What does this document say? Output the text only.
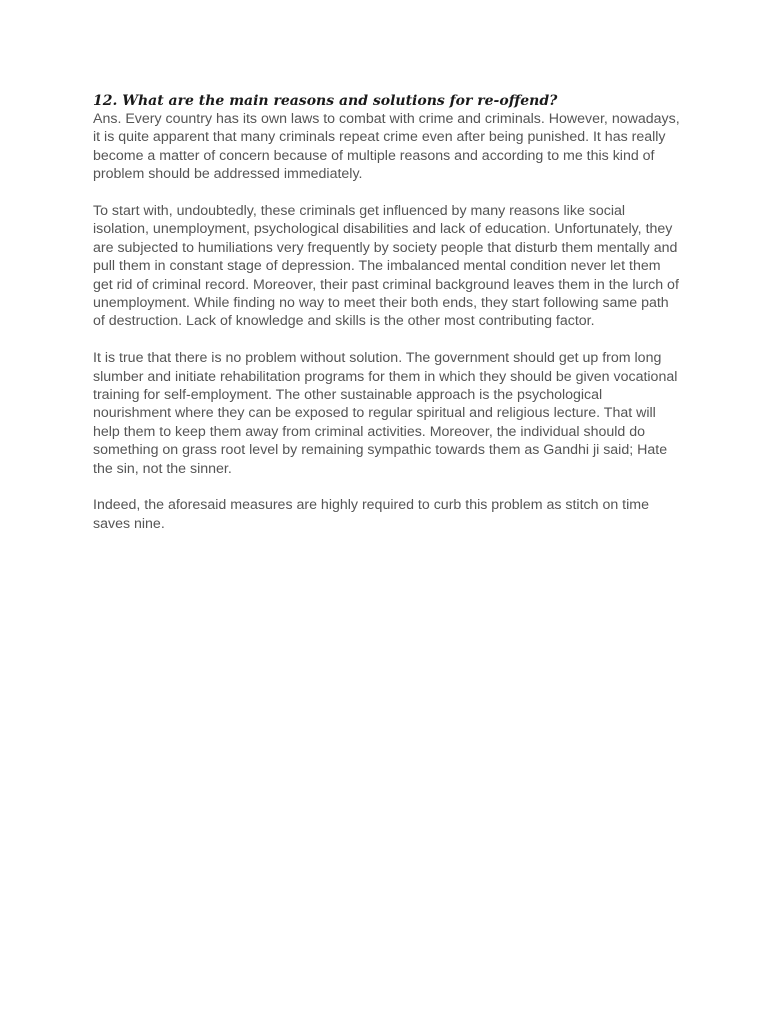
12. What are the main reasons and solutions for re-offend?

Ans. Every country has its own laws to combat with crime and criminals. However, nowadays, it is quite apparent that many criminals repeat crime even after being punished. It has really become a matter of concern because of multiple reasons and according to me this kind of problem should be addressed immediately.

To start with, undoubtedly, these criminals get influenced by many reasons like social isolation, unemployment, psychological disabilities and lack of education. Unfortunately, they are subjected to humiliations very frequently by society people that disturb them mentally and pull them in constant stage of depression. The imbalanced mental condition never let them get rid of criminal record. Moreover, their past criminal background leaves them in the lurch of unemployment. While finding no way to meet their both ends, they start following same path of destruction. Lack of knowledge and skills is the other most contributing factor.

It is true that there is no problem without solution. The government should get up from long slumber and initiate rehabilitation programs for them in which they should be given vocational training for self-employment. The other sustainable approach is the psychological nourishment where they can be exposed to regular spiritual and religious lecture. That will help them to keep them away from criminal activities. Moreover, the individual should do something on grass root level by remaining sympathic towards them as Gandhi ji said; Hate the sin, not the sinner.

Indeed, the aforesaid measures are highly required to curb this problem as stitch on time saves nine.
